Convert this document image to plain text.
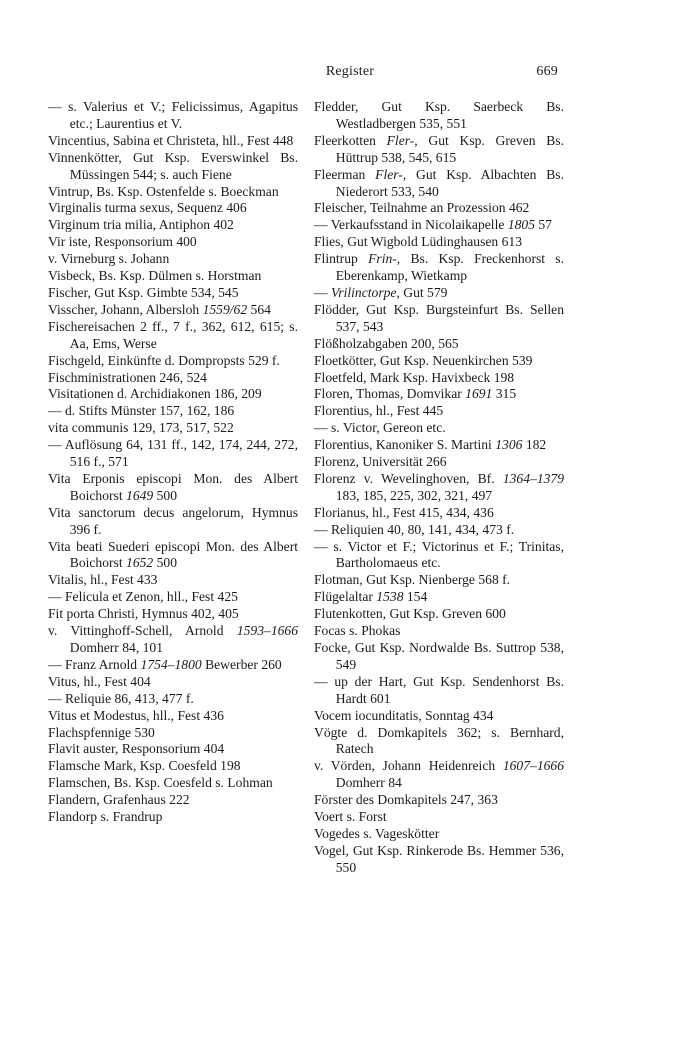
Register	669
— s. Valerius et V.; Felicissimus, Agapitus etc.; Laurentius et V.
Vincentius, Sabina et Christeta, hll., Fest 448
Vinnenkötter, Gut Ksp. Everswinkel Bs. Müssingen 544; s. auch Fiene
Vintrup, Bs. Ksp. Ostenfelde s. Boeckman
Virginalis turma sexus, Sequenz 406
Virginum tria milia, Antiphon 402
Vir iste, Responsorium 400
v. Virneburg s. Johann
Visbeck, Bs. Ksp. Dülmen s. Horstman
Fischer, Gut Ksp. Gimbte 534, 545
Visscher, Johann, Albersloh 1559/62 564
Fischereisachen 2 ff., 7 f., 362, 612, 615; s. Aa, Ems, Werse
Fischgeld, Einkünfte d. Dompropsts 529 f.
Fischministrationen 246, 524
Visitationen d. Archidiakonen 186, 209
— d. Stifts Münster 157, 162, 186
vita communis 129, 173, 517, 522
— Auflösung 64, 131 ff., 142, 174, 244, 272, 516 f., 571
Vita Erponis episcopi Mon. des Albert Boichorst 1649 500
Vita sanctorum decus angelorum, Hymnus 396 f.
Vita beati Suederi episcopi Mon. des Albert Boichorst 1652 500
Vitalis, hl., Fest 433
— Felicula et Zenon, hll., Fest 425
Fit porta Christi, Hymnus 402, 405
v. Vittinghoff-Schell, Arnold 1593–1666 Domherr 84, 101
— Franz Arnold 1754–1800 Bewerber 260
Vitus, hl., Fest 404
— Reliquie 86, 413, 477 f.
Vitus et Modestus, hll., Fest 436
Flachspfennige 530
Flavit auster, Responsorium 404
Flamsche Mark, Ksp. Coesfeld 198
Flamschen, Bs. Ksp. Coesfeld s. Lohman
Flandern, Grafenhaus 222
Flandorp s. Frandrup
Fledder, Gut Ksp. Saerbeck Bs. Westladbergen 535, 551
Fleerkotten Fler-, Gut Ksp. Greven Bs. Hüttrup 538, 545, 615
Fleerman Fler-, Gut Ksp. Albachten Bs. Niederort 533, 540
Fleischer, Teilnahme an Prozession 462
— Verkaufsstand in Nicolaikapelle 1805 57
Flies, Gut Wigbold Lüdinghausen 613
Flintrup Frin-, Bs. Ksp. Freckenhorst s. Eberenkamp, Wietkamp
— Vrilinctorpe, Gut 579
Flödder, Gut Ksp. Burgsteinfurt Bs. Sellen 537, 543
Flößholzabgaben 200, 565
Floetkötter, Gut Ksp. Neuenkirchen 539
Floetfeld, Mark Ksp. Havixbeck 198
Floren, Thomas, Domvikar 1691 315
Florentius, hl., Fest 445
— s. Victor, Gereon etc.
Florentius, Kanoniker S. Martini 1306 182
Florenz, Universität 266
Florenz v. Wevelinghoven, Bf. 1364–1379 183, 185, 225, 302, 321, 497
Florianus, hl., Fest 415, 434, 436
— Reliquien 40, 80, 141, 434, 473 f.
— s. Victor et F.; Victorinus et F.; Trinitas, Bartholomaeus etc.
Flotman, Gut Ksp. Nienberge 568 f.
Flügelaltar 1538 154
Flutenkotten, Gut Ksp. Greven 600
Focas s. Phokas
Focke, Gut Ksp. Nordwalde Bs. Suttrop 538, 549
— up der Hart, Gut Ksp. Sendenhorst Bs. Hardt 601
Vocem iocunditatis, Sonntag 434
Vögte d. Domkapitels 362; s. Bernhard, Ratech
v. Vörden, Johann Heidenreich 1607–1666 Domherr 84
Förster des Domkapitels 247, 363
Voert s. Forst
Vogedes s. Vageskötter
Vogel, Gut Ksp. Rinkerode Bs. Hemmer 536, 550
